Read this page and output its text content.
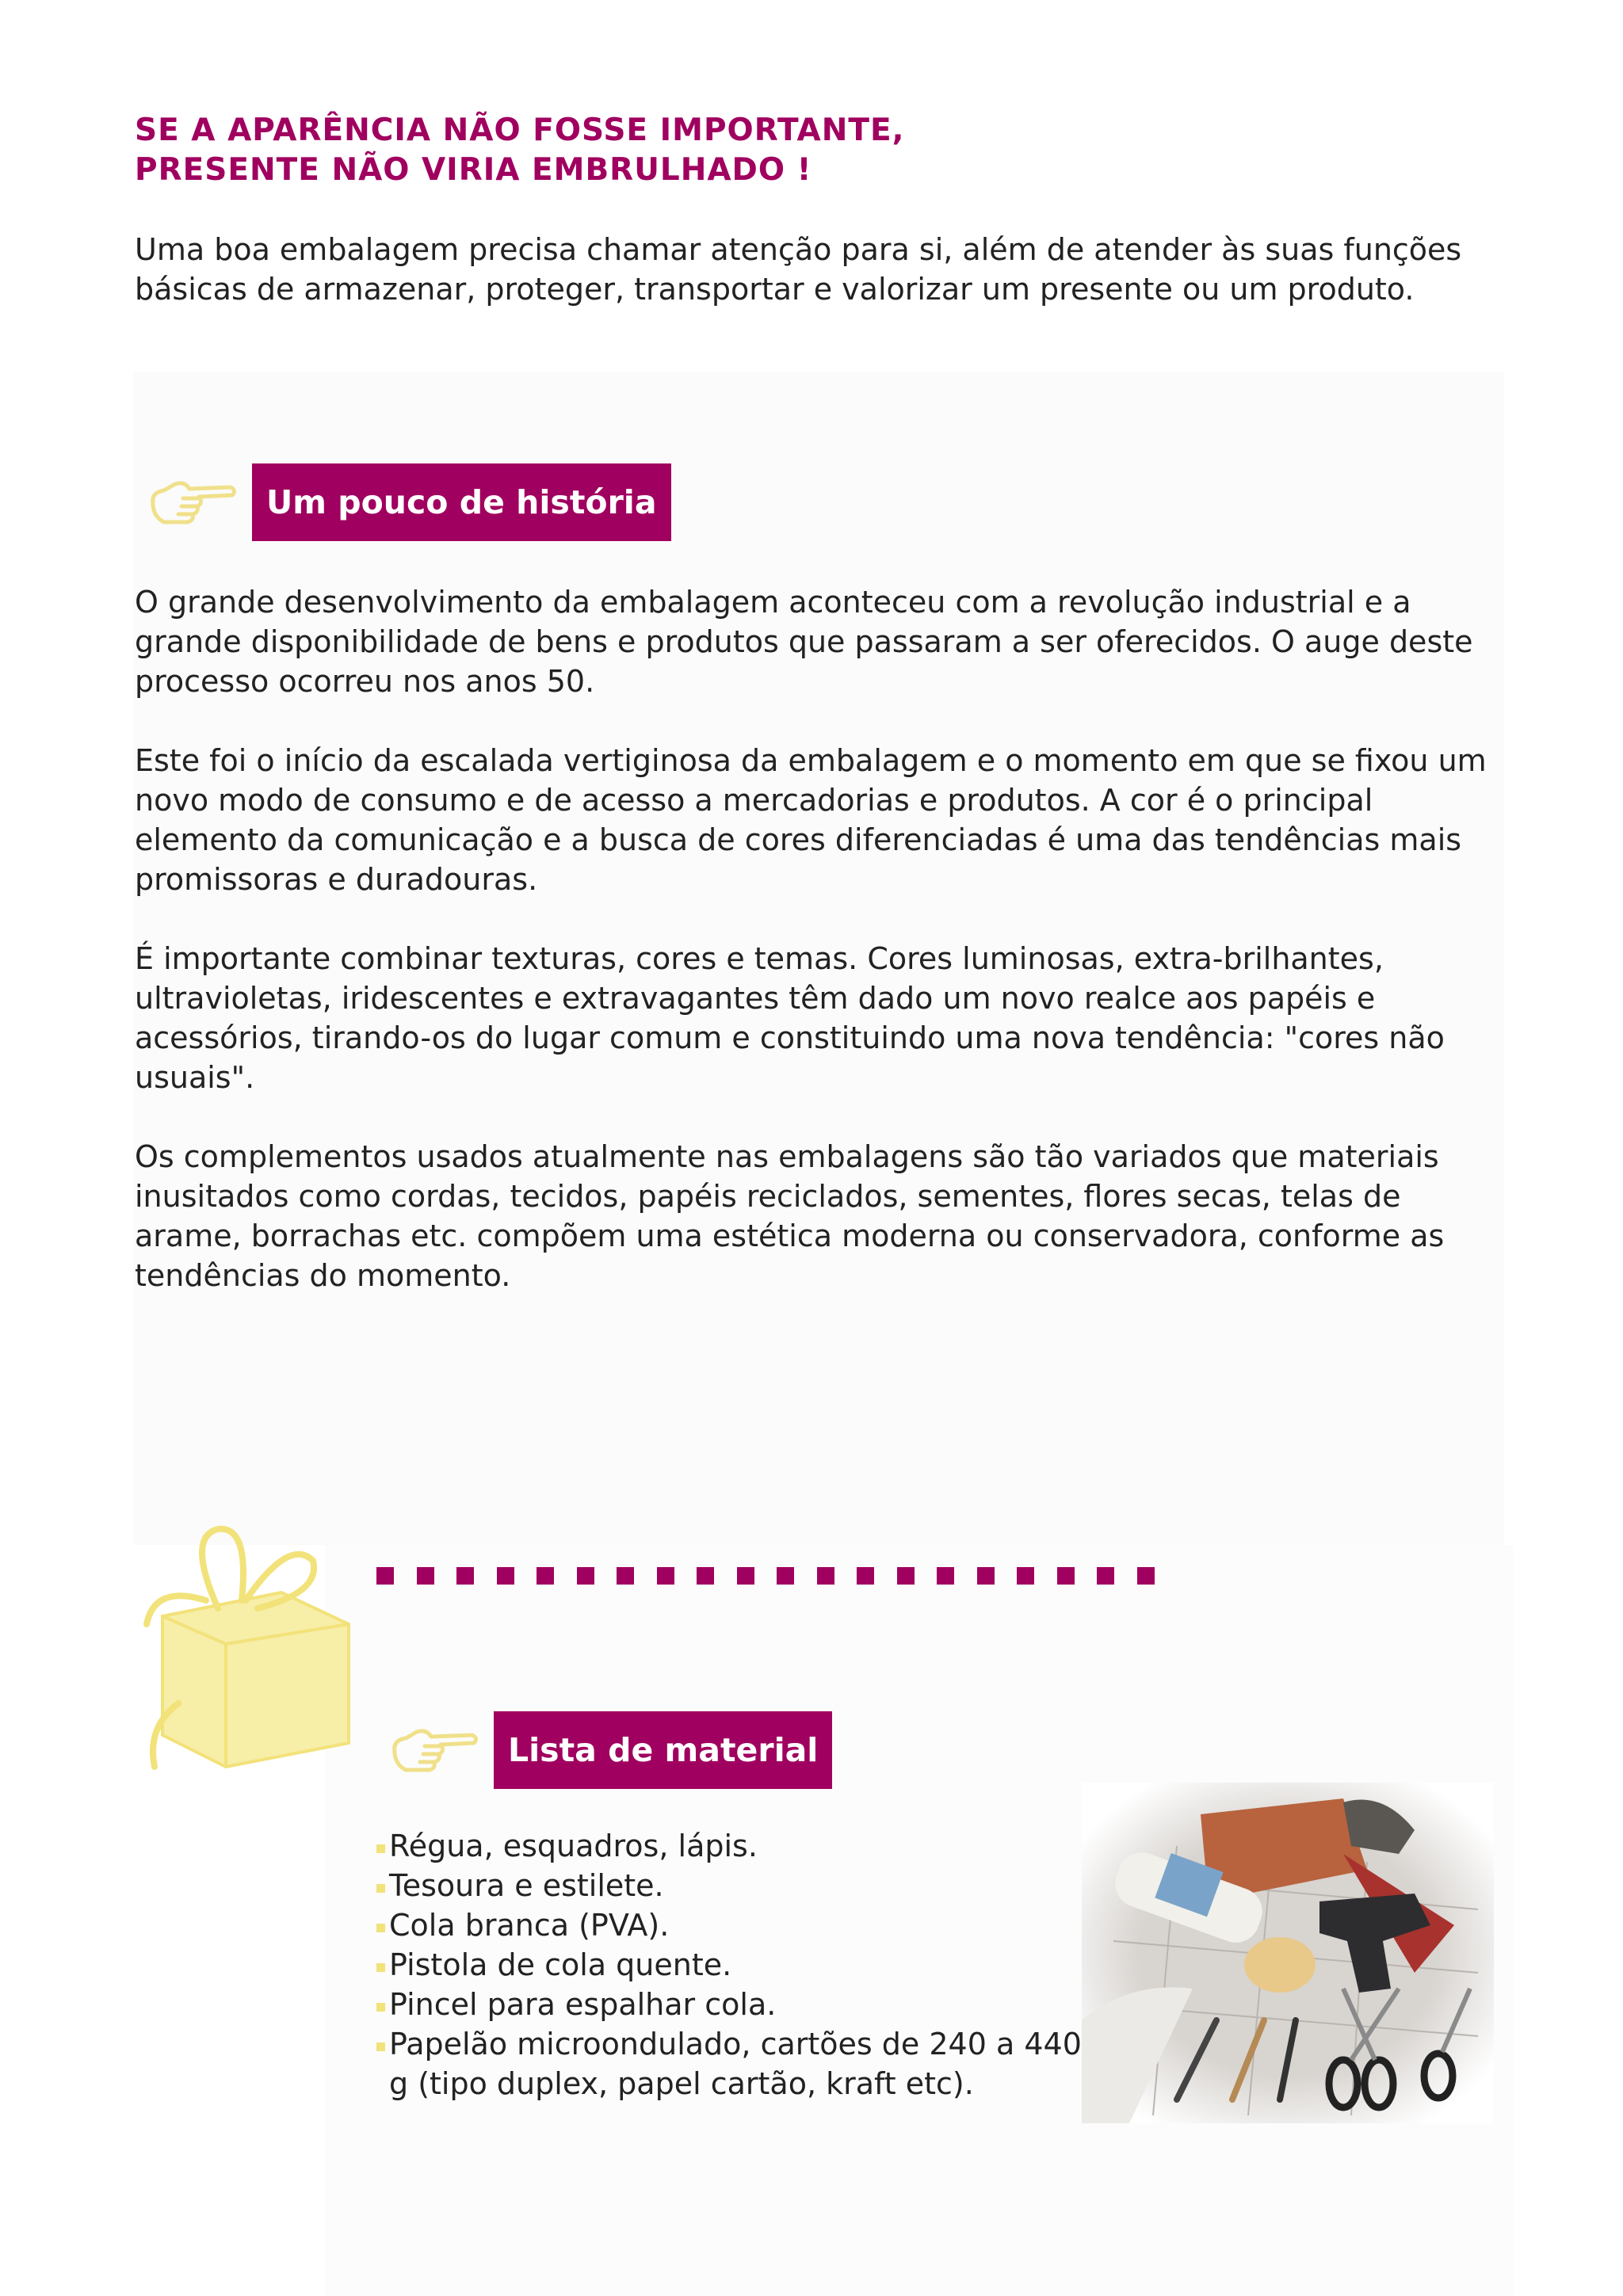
SE A APARÊNCIA NÃO FOSSE IMPORTANTE,
PRESENTE NÃO VIRIA EMBRULHADO !

Uma boa embalagem precisa chamar atenção para si, além de atender às suas funções básicas de armazenar, proteger, transportar e valorizar um presente ou um produto.

Um pouco de história

O grande desenvolvimento da embalagem aconteceu com a revolução industrial e a grande disponibilidade de bens e produtos que passaram a ser oferecidos. O auge deste processo ocorreu nos anos 50.

Este foi o início da escalada vertiginosa da embalagem e o momento em que se fixou um novo modo de consumo e de acesso a mercadorias e produtos. A cor é o principal elemento da comunicação e a busca de cores diferenciadas é uma das tendências mais promissoras e duradouras.

É importante combinar texturas, cores e temas. Cores luminosas, extra-brilhantes, ultravioletas, iridescentes e extravagantes têm dado um novo realce aos papéis e acessórios, tirando-os do lugar comum e constituindo uma nova tendência: "cores não usuais".

Os complementos usados atualmente nas embalagens são tão variados que materiais inusitados como cordas, tecidos, papéis reciclados, sementes, flores secas, telas de arame, borrachas etc. compõem uma estética moderna ou conservadora, conforme as tendências do momento.

Lista de material
Régua, esquadros, lápis.
Tesoura e estilete.
Cola branca (PVA).
Pistola de cola quente.
Pincel para espalhar cola.
Papelão microondulado, cartões de 240 a 440 g (tipo duplex, papel cartão, kraft etc).
